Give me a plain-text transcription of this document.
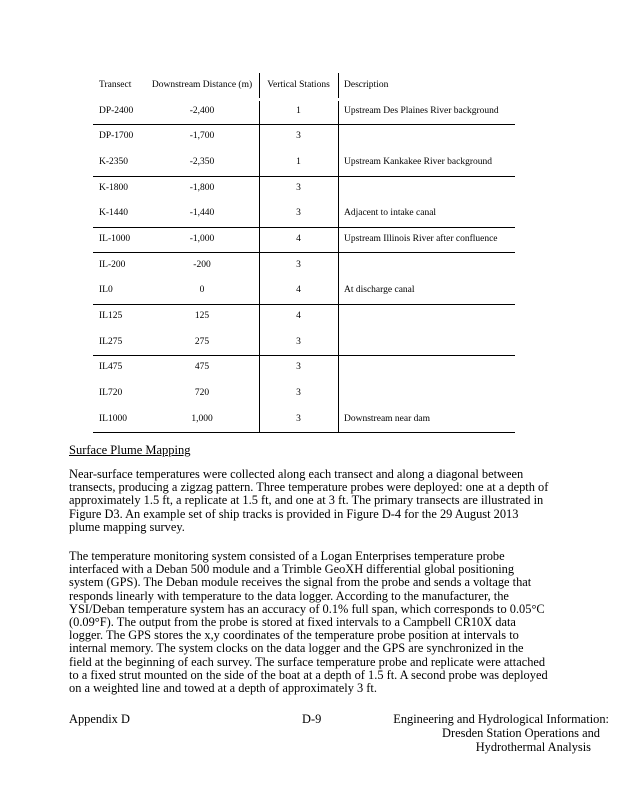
Transect	Downstream Distance (m)	Vertical Stations	Description
DP-2400	-2,400	1	Upstream Des Plaines River background
DP-1700	-1,700	3
K-2350	-2,350	1	Upstream Kankakee River background
K-1800	-1,800	3
K-1440	-1,440	3	Adjacent to intake canal
IL-1000	-1,000	4	Upstream Illinois River after confluence
IL-200	-200	3
IL0	0	4	At discharge canal
IL125	125	4
IL275	275	3
IL475	475	3
IL720	720	3
IL1000	1,000	3	Downstream near dam
Surface Plume Mapping
Near-surface temperatures were collected along each transect and along a diagonal between
transects, producing a zigzag pattern. Three temperature probes were deployed: one at a depth of
approximately 1.5 ft, a replicate at 1.5 ft, and one at 3 ft. The primary transects are illustrated in
Figure D3. An example set of ship tracks is provided in Figure D-4 for the 29 August 2013
plume mapping survey.
The temperature monitoring system consisted of a Logan Enterprises temperature probe
interfaced with a Deban 500 module and a Trimble GeoXH differential global positioning
system (GPS). The Deban module receives the signal from the probe and sends a voltage that
responds linearly with temperature to the data logger. According to the manufacturer, the
YSI/Deban temperature system has an accuracy of 0.1% full span, which corresponds to 0.05°C
(0.09°F). The output from the probe is stored at fixed intervals to a Campbell CR10X data
logger. The GPS stores the x,y coordinates of the temperature probe position at intervals to
internal memory. The system clocks on the data logger and the GPS are synchronized in the
field at the beginning of each survey. The surface temperature probe and replicate were attached
to a fixed strut mounted on the side of the boat at a depth of 1.5 ft. A second probe was deployed
on a weighted line and towed at a depth of approximately 3 ft.
Appendix D	D-9	Engineering and Hydrological Information:
Dresden Station Operations and
Hydrothermal Analysis
